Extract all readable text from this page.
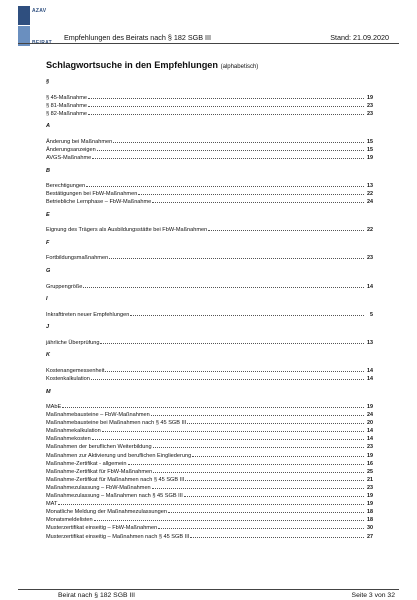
AZAV
BEIRAT
Empfehlungen des Beirats nach § 182 SGB III	Stand: 21.09.2020
Schlagwortsuche in den Empfehlungen (alphabetisch)
§
§ 45-Maßnahme	19
§ 81-Maßnahme	23
§ 82-Maßnahme	23
A
Änderung bei Maßnahmen	15
Änderungsanzeigen	15
AVGS-Maßnahme	19
B
Berechtigungen	13
Bestätigungen bei FbW-Maßnahmen	22
Betriebliche Lernphase – FbW-Maßnahme	24
E
Eignung des Trägers als Ausbildungsstätte bei FbW-Maßnahmen	22
F
Fortbildungsmaßnahmen	23
G
Gruppengröße	14
I
Inkrafttreten neuer Empfehlungen	5
J
jährliche Überprüfung	13
K
Kostenangemessenheit	14
Kostenkalkulation	14
M
MAbE	19
Maßnahmebausteine – FbW-Maßnahmen	24
Maßnahmebausteine bei Maßnahmen nach § 45 SGB III	20
Maßnahmekalkulation	14
Maßnahmekosten	14
Maßnahmen der beruflichen Weiterbildung	23
Maßnahmen zur Aktivierung und beruflichen Eingliederung	19
Maßnahme-Zertifikat - allgemein	16
Maßnahme-Zertifikat für FbW-Maßnahmen	25
Maßnahme-Zertifikat für Maßnahmen nach § 45 SGB III	21
Maßnahmezulassung – FbW-Maßnahmen	23
Maßnahmezulassung – Maßnahmen nach § 45 SGB III	19
MAT	19
Monatliche Meldung der Maßnahmezulassungen	18
Monatsmeldelisten	18
Musterzertifikat einseitig – FbW-Maßnahmen	30
Musterzertifikat einseitig – Maßnahmen nach § 45 SGB III	27
Beirat nach § 182 SGB III	Seite 3 von 32
